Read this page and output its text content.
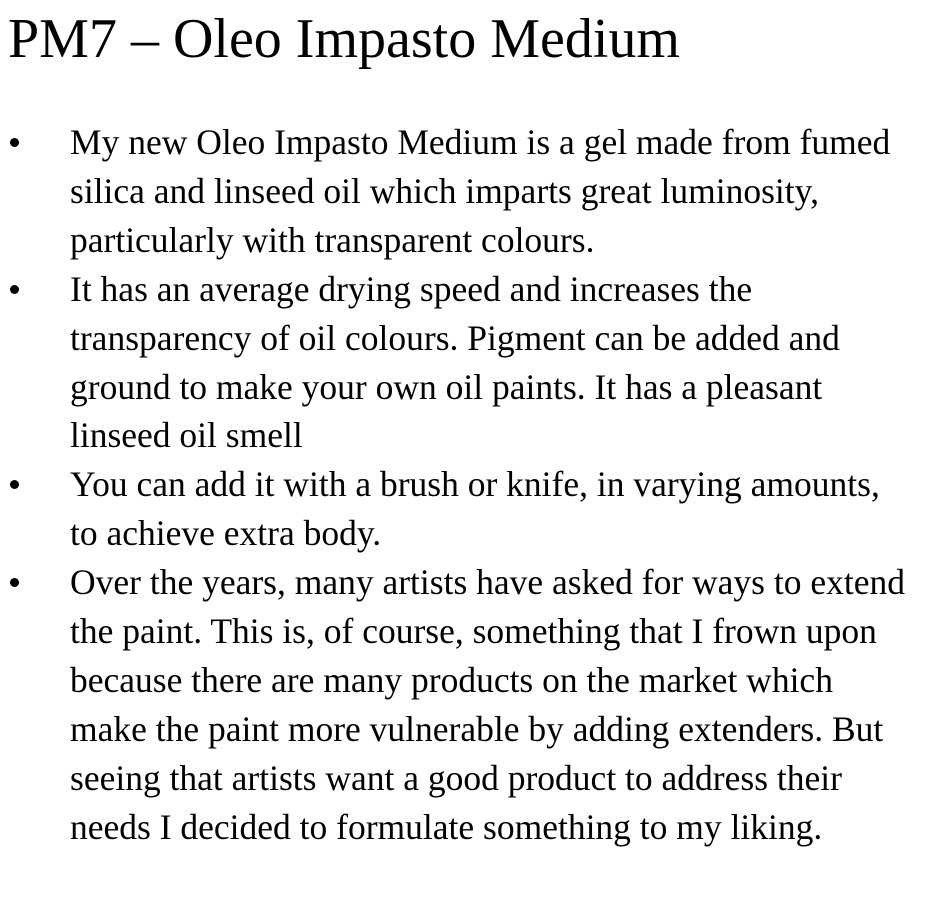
PM7 – Oleo Impasto Medium
My new Oleo Impasto Medium is a gel made from fumed silica and linseed oil which imparts great luminosity, particularly with transparent colours.
It has an average drying speed and increases the transparency of oil colours. Pigment can be added and ground to make your own oil paints. It has a pleasant linseed oil smell
You can add it with a brush or knife, in varying amounts, to achieve extra body.
Over the years, many artists have asked for ways to extend the paint. This is, of course, something that I frown upon because there are many products on the market which make the paint more vulnerable by adding extenders. But seeing that artists want a good product to address their needs I decided to formulate something to my liking.
